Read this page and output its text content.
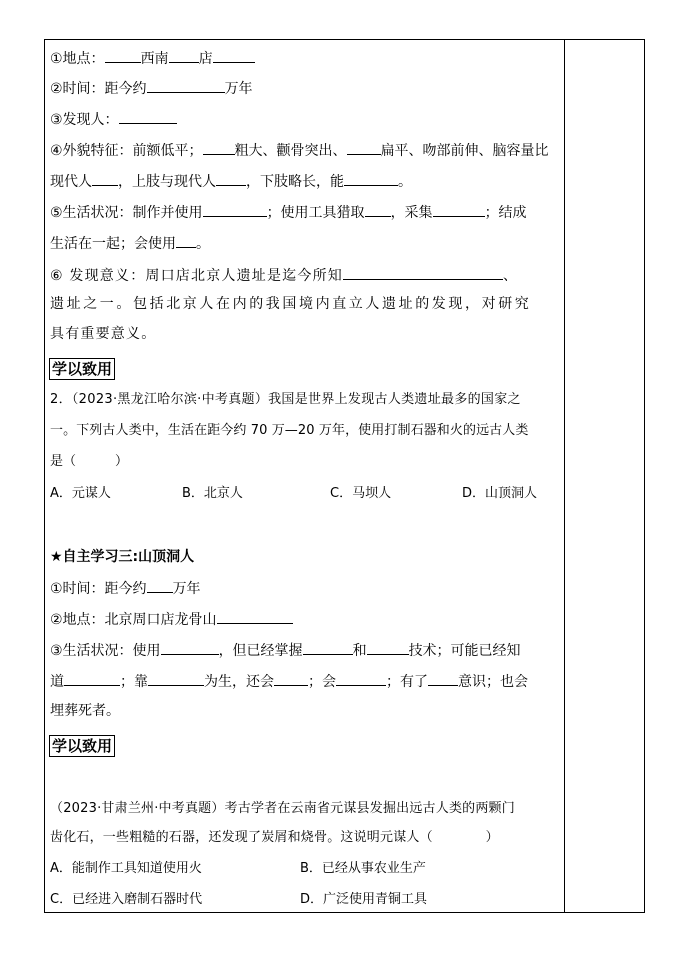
①地点：	西南 店
②时间：距今约	万年
③发现人：
④外貌特征：前额低平； 粗大、颧骨突出、 扁平、吻部前伸、脑容量比
现代人 ，上肢与现代人 ，下肢略长，能	。
⑤生活状况：制作并使用	；使用工具猎取 ，采集	；结成
生活在一起；会使用 。
⑥ 发现意义：周口店北京人遗址是迄今所知	、
遗址之一。包括北京人在内的我国境内直立人遗址的发现，对研究
具有重要意义。
学以致用
2．（2023·黑龙江哈尔滨·中考真题）我国是世界上发现古人类遗址最多的国家之
一。下列古人类中，生活在距今约 70 万—20 万年，使用打制石器和火的远古人类
是（　　　）
A．元谋人	B．北京人	C．马坝人	D．山顶洞人
★自主学习三:山顶洞人
①时间：距今约 万年
②地点：北京周口店龙骨山
③生活状况：使用	，但已经掌握	和	技术；可能已经知
道	；靠	为生，还会 ；会	；有了 意识；也会
埋葬死者。
学以致用
（2023·甘肃兰州·中考真题）考古学者在云南省元谋县发掘出远古人类的两颗门
齿化石，一些粗糙的石器，还发现了炭屑和烧骨。这说明元谋人（　　　　）
A．能制作工具知道使用火	B．已经从事农业生产
C．已经进入磨制石器时代	D．广泛使用青铜工具
